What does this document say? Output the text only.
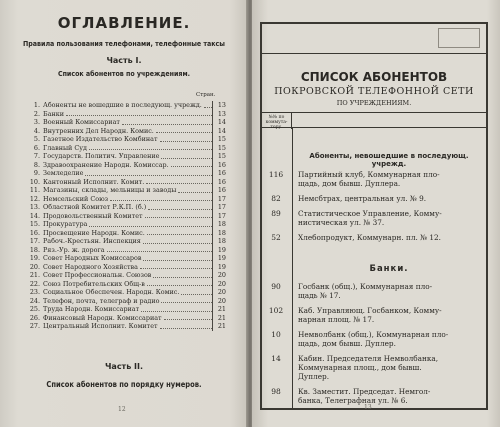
ОГЛАВЛЕНИЕ.
Правила пользования телефонами, телефонные таксы
Часть I.
Список абонентов по учреждениям.
Стран.
1. Абоненты не вошедшие в последующ. учрежд.	13
2. Банки	13
3. Военный Комиссариат	14
4. Внутренних Дел Народн. Комис.	14
5. Газетное Издательство Комбинат	15
6. Главный Суд	15
7. Государств. Политич. Управление	15
8. Здравоохранение Народн. Комиссар.	16
9. Земледелие	16
10. Кантонный Исполнит. Комит.	16
11. Магазины, склады, мельницы и заводы	16
12. Немсельский Союз	17
13. Областной Комитет Р.К.П. (б.)	17
14. Продовольственный Комитет	17
15. Прокуратура	18
16. Просвещение Народн. Комис.	18
17. Рабоч.-Крестьян. Инспекция	18
18. Ряз.-Ур. ж. дорога	19
19. Совет Народных Комиссаров	19
20. Совет Народного Хозяйства	19
21. Совет Профессиональн. Союзов	20
22. Союз Потребительских Общ-в	20
23. Социальное Обеспечен. Народн. Комис.	20
24. Телефон, почта, телеграф и радио	20
25. Труда Народн. Комиссариат	21
26. Финансовый Народн. Комиссариат	21
27. Центральный Исполнит. Комитет	21
Часть II.
Список абонентов по порядку нумеров.
12
СПИСОК АБОНЕНТОВ
ПОКРОВСКОЙ ТЕЛЕФОННОЙ СЕТИ
ПО УЧРЕЖДЕНИЯМ.
№№ по коммута-тору.
Абоненты, невошедшие в последующ. учрежд.
116	Партийный клуб, Коммунарная пло-
щадь, дом бывш. Дуплера.
82	Немсбтрах, центральная ул. № 9.
89	Статистическое Управление, Комму-
нистическая ул. № 37.
52	Хлебопродукт, Коммунарн. пл. № 12.
Банки.
90	Госбанк (общ.), Коммунарная пло-
щадь № 17.
102	Каб. Управляющ. Госбанком, Комму-
нарная площ. № 17.
10	Немволбанк (общ.), Коммунарная пло-
щадь, дом бывш. Дуплер.
14	Кабин. Председателя Немволбанка,
Коммунарная площ., дом бывш.
Дуплер.
98	Кв. Заместит. Председат. Немгол-
банка, Телеграфная ул. № 6.
13
